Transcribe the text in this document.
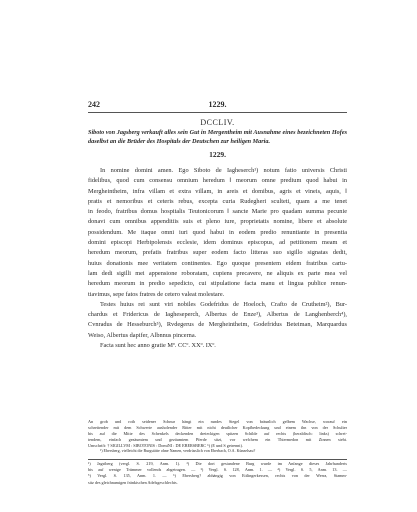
242	1229.
DCCLIV.
Siboto von Jagsberg verkauft alles sein Gut in Mergentheim mit Ausnahme eines bezeichneten Hofes daselbst an die Brüder des Hospitals der Deutschen zur heiligen Maria.
1229.
In nomine domini amen. Ego Siboto de Iagheserch¹) notum fatio universis Christi
fidelibus, quod cum consensu omnium heredum ‖ meorum omne predium quod habui in
Mergheintheim, infra villam et extra villam, in areis et domibus, agris et vineis, aquis, ‖
pratis et nemoribus et ceteris rebus, excepta curia Rudegheri sculteti, quam a me tenet
in feodo, fratribus domus hospitalis Teutonicorum ‖ sancte Marie pro quadam summa pecunie
donavi cum omnibus appenditiis suis et pleno iure, proprietatis nomine, libere et absolute
possidendum. Me itaque omni iuri quod habui in eodem predio renuntiante in presentia
domini episcopi Herbipolensis ecclesie, idem dominus episcopus, ad petitionem meam et
heredum meorum, prefatis fratribus super eodem facto litteras suo sigillo signatas dedit,
huius donationis mee veritatem continentes. Ego quoque presentem eidem fratribus cartu-
lam dedi sigilli mei appensione roboratam, cupiens precavere, ne aliquis ex parte mea vel
heredum meorum in predio sepedicto, cui stipulatione facta manu et lingua publice renun-
tiavimus, sepe fatos fratres de cetero valeat molestare.
Testes huius rei sunt viri nobiles Godefridus de Hoeloch, Crafto de Crutheim²), Bur-
chardus et Fridericus de Iagheseperch, Albertus de Enze³), Albertus de Langhenberch⁴),
Cvnradus de Hesseburch⁵), Rvdegerus de Mergheintheim, Godefridus Beteiman, Marquardus
Weiso, Albertus dapifer, Albnnus pincerna.
Facta sunt hec anno gratie Mº. CCº. XXº. IXº.
An grob und roth seidener Schnur hängt ein rundes Siegel von bräunlich gelbem Wachse, worauf ein
schreitender mit dem Schwerte ausholender Ritter mit nicht deutlicher Kopfbedeckung und einem ihn von der Schulter
bis auf die Mitte des Schenkels deckenden dreieckigen spitzen Schilde auf rechts (heraldisch: links) schrei-
tendem, einfach gezäumtem und gezäumtem Pferde sitzt, vor welchem ein Thiermedon mit Zinnen steht.
Umschrift: † SIGILLVM : SIBOTONIS : DomiNI : DE EBERSBERC ⁶) (E und S getrennt).
¹) Ebersberg, vielleicht die Burgstätte ohne Namen, verdrüsslich von Eberbach, O.A. Künzelsau?
¹) Jagstberg (vergl. S. 219, Anm. 1). ²) Die dort gestandene Burg wurde im Anfange dieses Jahrhunderts
bis auf wenige Trümmer vollends abgetragen. — ³) Vergl. S. 128, Anm. 1. — ⁴) Vergl. S. 5, Anm. 13. —
⁵) Vergl. S. 135, Anm. 1. — ⁶) Ebersberg? abhängig von Ettlingerkessen, rechts von der Werra, Stamm-
sitz des gleichnamigen fränkischen Adelsgeschlechts.
